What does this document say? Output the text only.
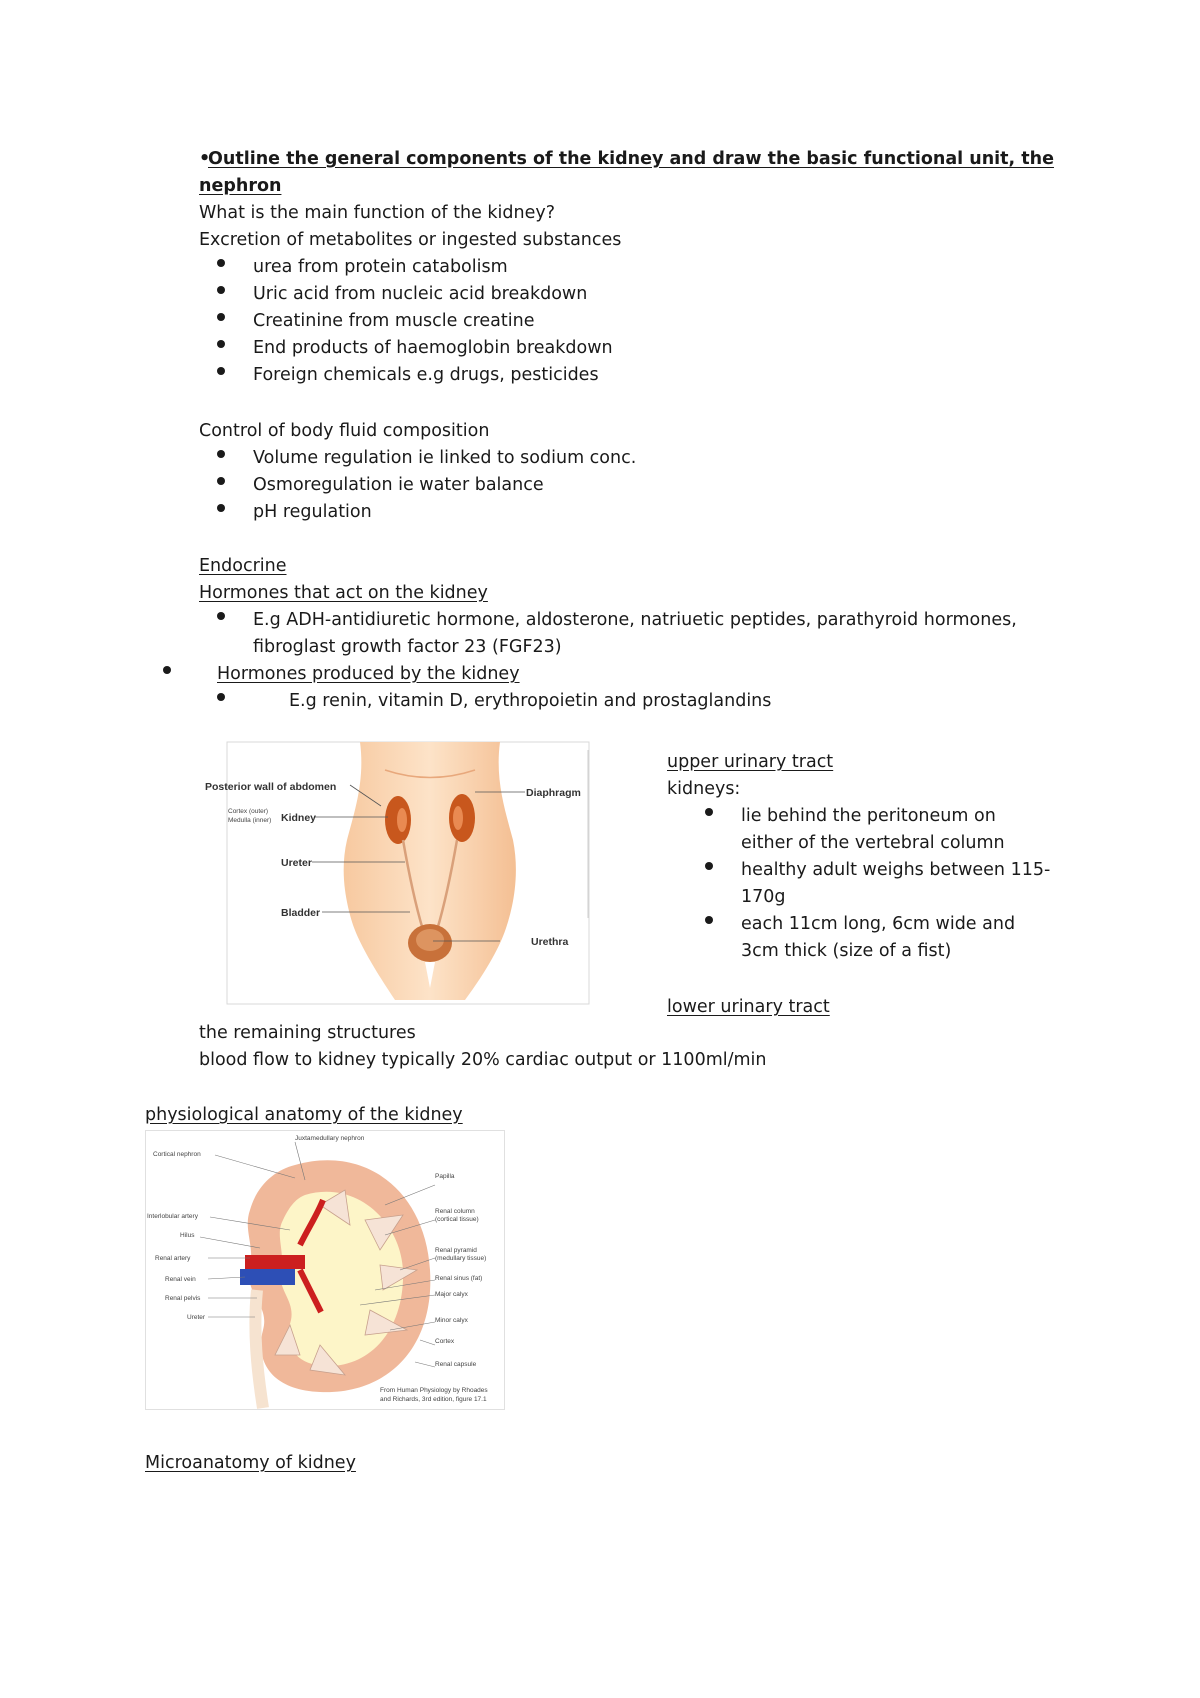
•
Outline the general components of the kidney and draw the basic functional unit, the
nephron
What is the main function of the kidney?
Excretion of metabolites or ingested substances
urea from protein catabolism
Uric acid from nucleic acid breakdown
Creatinine from muscle creatine
End products of haemoglobin breakdown
Foreign chemicals e.g drugs, pesticides
Control of body fluid composition
Volume regulation ie linked to sodium conc.
Osmoregulation ie water balance
pH regulation
Endocrine
Hormones that act on the kidney
E.g ADH-antidiuretic hormone, aldosterone, natriuetic peptides, parathyroid hormones,
fibroglast growth factor 23 (FGF23)
Hormones produced by the kidney
E.g renin, vitamin D, erythropoietin and prostaglandins
Posterior wall of abdomen
Cortex (outer)
Medulla (inner) Kidney
Ureter
Bladder
Diaphragm
Urethra
upper urinary tract
kidneys:
lie behind the peritoneum on
either of the vertebral column
healthy adult weighs between 115-
170g
each 11cm long, 6cm wide and
3cm thick (size of a fist)
lower urinary tract
the remaining structures
blood flow to kidney typically 20% cardiac output or 1100ml/min
physiological anatomy of the kidney
Juxtamedullary nephron
Cortical nephron
Interlobular artery
Hilus
Renal artery
Renal vein
Renal pelvis
Ureter
Papilla
Renal column
(cortical tissue)
Renal pyramid
(medullary tissue)
Renal sinus (fat)
Major calyx
Minor calyx
Cortex
Renal capsule
From Human Physiology by Rhoades
and Richards, 3rd edition, figure 17.1
Microanatomy of kidney
